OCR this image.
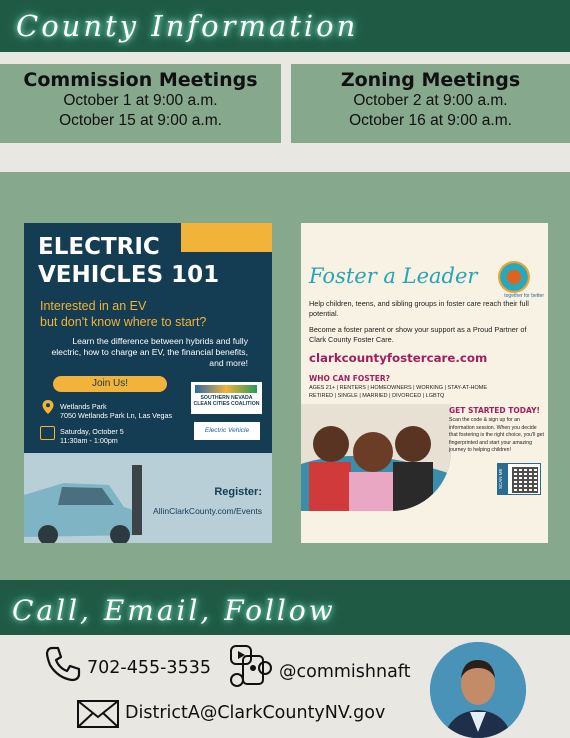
County Information
Commission Meetings
October 1 at 9:00 a.m.
October 15 at 9:00 a.m.
Zoning Meetings
October 2 at 9:00 a.m.
October 16 at 9:00 a.m.
ELECTRIC
VEHICLES 101
Interested in an EV
but don't know where to start?
Learn the difference between hybrids and fully electric, how to charge an EV, the financial benefits, and more!
Join Us!
Wetlands Park
7050 Wetlands Park Ln, Las Vegas
Saturday, October 5
11:30am - 1:00pm
SOUTHERN NEVADA CLEAN CITIES COALITION
Electric Vehicle
Register:
AllinClarkCounty.com/Events
Foster a Leader
together for better
Help children, teens, and sibling groups in foster care reach their full potential.
Become a foster parent or show your support as a Proud Partner of Clark County Foster Care.
clarkcountyfostercare.com
WHO CAN FOSTER?
AGES 21+ | RENTERS | HOMEOWNERS | WORKING | STAY-AT-HOME
RETIRED | SINGLE | MARRIED | DIVORCED | LGBTQ
GET STARTED TODAY!
Scan the code & sign up for an information session. When you decide that fostering is the right choice, you'll get fingerprinted and start your amazing journey to helping children!
SCAN ME
Call, Email, Follow
702-455-3535	@commishnaft
DistrictA@ClarkCountyNV.gov
